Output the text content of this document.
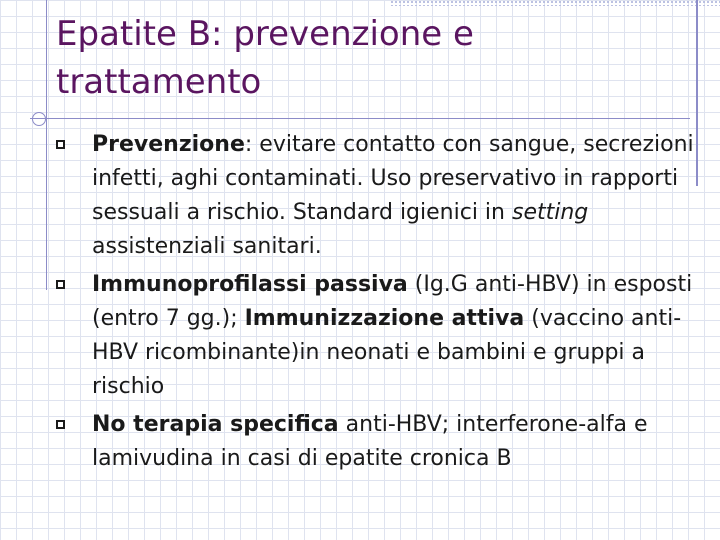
Epatite B: prevenzione e
trattamento
Prevenzione: evitare contatto con sangue, secrezioni infetti, aghi contaminati. Uso preservativo in rapporti sessuali a rischio. Standard igienici in setting assistenziali sanitari.
Immunoprofilassi passiva (Ig.G anti-HBV) in esposti (entro 7 gg.); Immunizzazione attiva (vaccino anti-HBV ricombinante)in neonati e bambini e gruppi a rischio
No terapia specifica anti-HBV; interferone-alfa e lamivudina in casi di epatite cronica B
